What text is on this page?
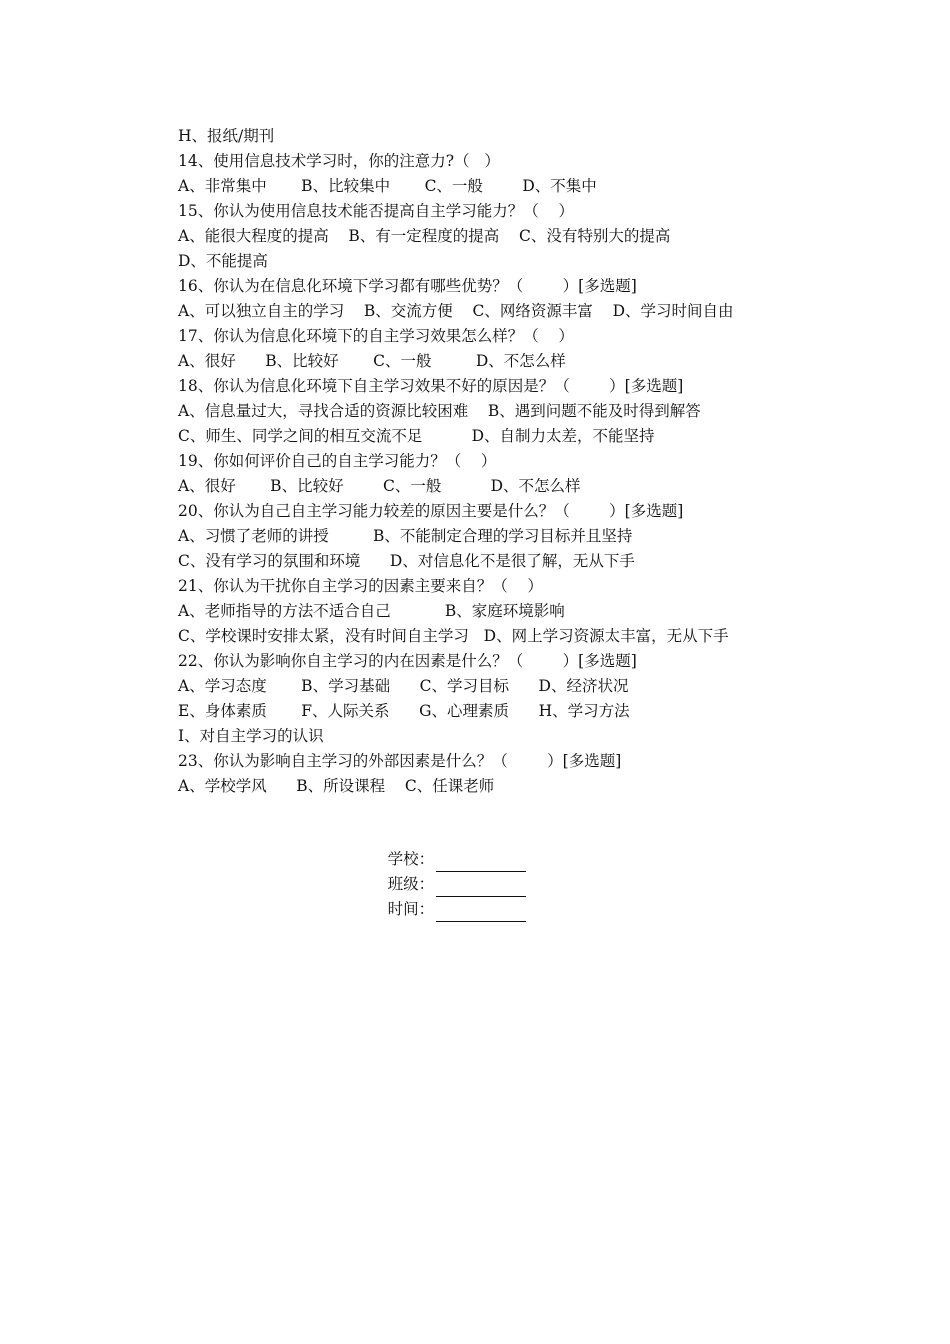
H、报纸/期刊
14、使用信息技术学习时，你的注意力?（   ）
A、非常集中       B、比较集中       C、一般        D、不集中
15、你认为使用信息技术能否提高自主学习能力？（    ）
A、能很大程度的提高    B、有一定程度的提高    C、没有特别大的提高
D、不能提高
16、你认为在信息化环境下学习都有哪些优势？（        ）[多选题]
A、可以独立自主的学习    B、交流方便    C、网络资源丰富    D、学习时间自由
17、你认为信息化环境下的自主学习效果怎么样？（    ）
A、很好      B、比较好       C、一般         D、不怎么样
18、你认为信息化环境下自主学习效果不好的原因是？（        ）[多选题]
A、信息量过大，寻找合适的资源比较困难    B、遇到问题不能及时得到解答
C、师生、同学之间的相互交流不足          D、自制力太差，不能坚持
19、你如何评价自己的自主学习能力？（    ）
A、很好       B、比较好        C、一般          D、不怎么样
20、你认为自己自主学习能力较差的原因主要是什么？（        ）[多选题]
A、习惯了老师的讲授         B、不能制定合理的学习目标并且坚持
C、没有学习的氛围和环境      D、对信息化不是很了解，无从下手
21、你认为干扰你自主学习的因素主要来自？（    ）
A、老师指导的方法不适合自己           B、家庭环境影响
C、学校课时安排太紧，没有时间自主学习   D、网上学习资源太丰富，无从下手
22、你认为影响你自主学习的内在因素是什么？（        ）[多选题]
A、学习态度       B、学习基础      C、学习目标      D、经济状况
E、身体素质       F、人际关系      G、心理素质      H、学习方法
I、对自主学习的认识
23、你认为影响自主学习的外部因素是什么？（        ）[多选题]
A、学校学风      B、所设课程    C、任课老师

学校：

班级：

时间：
